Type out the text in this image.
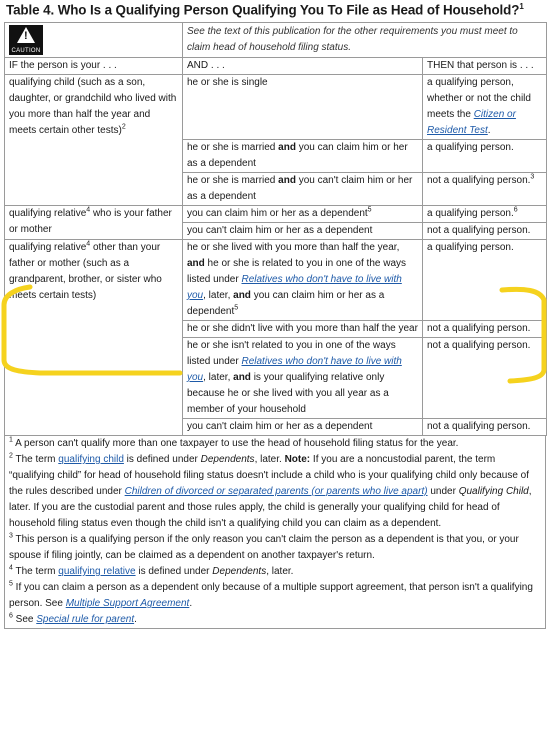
Table 4. Who Is a Qualifying Person Qualifying You To File as Head of Household?$^1$
!
CAUTION	See the text of this publication for the other requirements you must meet to claim head of household filing status.	
IF the person is your . . .	AND . . .	THEN that person is . . .
qualifying child (such as a son, daughter, or grandchild who lived with you more than half the year and meets certain other tests)$^2$	he or she is single	a qualifying person, whether or not the child meets the Citizen or Resident Test.
	he or she is married and you can claim him or her as a dependent	a qualifying person.
	he or she is married and you can't claim him or her as a dependent	not a qualifying person.$^3$
qualifying relative$^4$ who is your father or mother	you can claim him or her as a dependent$^5$	a qualifying person.$^6$
	you can't claim him or her as a dependent	not a qualifying person.
qualifying relative$^4$ other than your father or mother (such as a grandparent, brother, or sister who meets certain tests)	he or she lived with you more than half the year, and he or she is related to you in one of the ways listed under Relatives who don't have to live with you, later, and you can claim him or her as a dependent$^5$	a qualifying person.
	he or she didn't live with you more than half the year	not a qualifying person.
	he or she isn't related to you in one of the ways listed under Relatives who don't have to live with you, later, and is your qualifying relative only because he or she lived with you all year as a member of your household	not a qualifying person.
	you can't claim him or her as a dependent	not a qualifying person.

$^1$ A person can't qualify more than one taxpayer to use the head of household filing status for the year.

$^2$ The term qualifying child is defined under Dependents, later. Note: If you are a noncustodial parent, the term “qualifying child” for head of household filing status doesn't include a child who is your qualifying child only because of the rules described under Children of divorced or separated parents (or parents who live apart) under Qualifying Child, later. If you are the custodial parent and those rules apply, the child is generally your qualifying child for head of household filing status even though the child isn't a qualifying child you can claim as a dependent.

$^3$ This person is a qualifying person if the only reason you can't claim the person as a dependent is that you, or your spouse if filing jointly, can be claimed as a dependent on another taxpayer's return.

$^4$ The term qualifying relative is defined under Dependents, later.

$^5$ If you can claim a person as a dependent only because of a multiple support agreement, that person isn't a qualifying person. See Multiple Support Agreement.

$^6$ See Special rule for parent.
